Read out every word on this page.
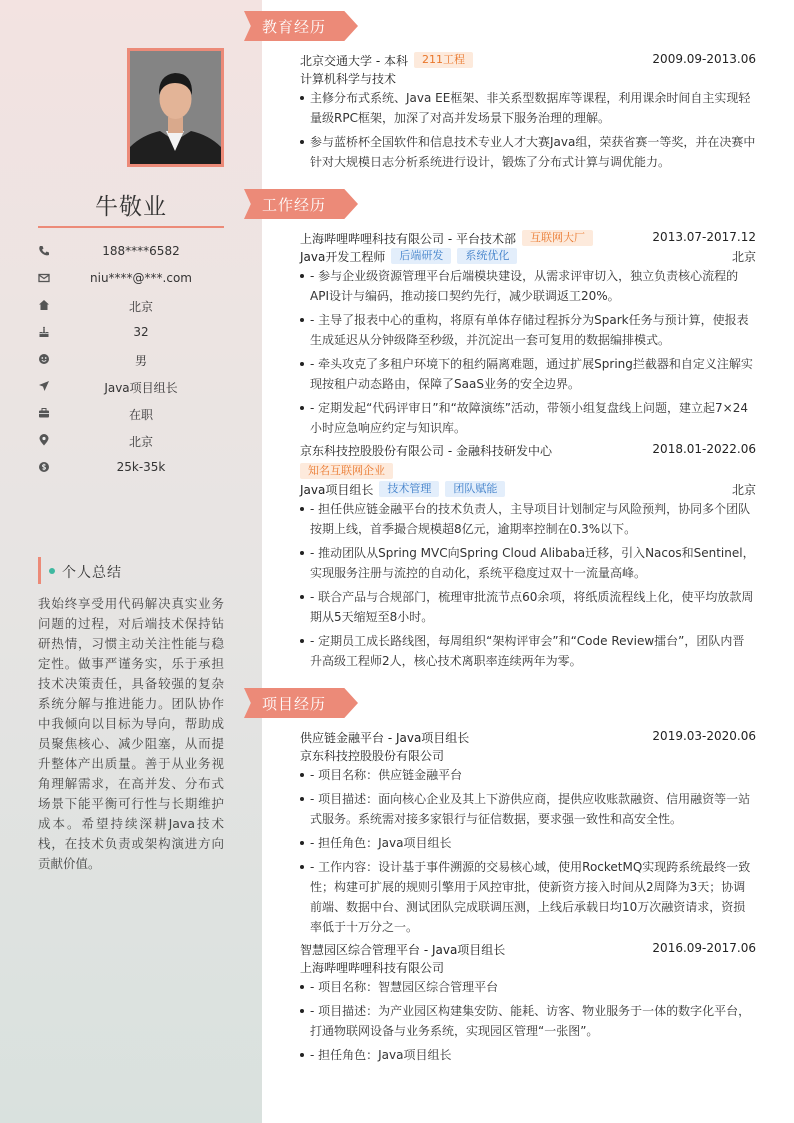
牛敬业
188****6582
niu****@***.com
北京
32
男
Java项目组长
在职
北京
25k-35k
个人总结
我始终享受用代码解决真实业务问题的过程，对后端技术保持钻研热情，习惯主动关注性能与稳定性。做事严谨务实，乐于承担技术决策责任，具备较强的复杂系统分解与推进能力。团队协作中我倾向以目标为导向，帮助成员聚焦核心、减少阻塞，从而提升整体产出质量。善于从业务视角理解需求，在高并发、分布式场景下能平衡可行性与长期维护成本。希望持续深耕Java技术栈，在技术负责或架构演进方向贡献价值。
教育经历
北京交通大学 - 本科 211工程	2009.09-2013.06
计算机科学与技术
主修分布式系统、Java EE框架、非关系型数据库等课程，利用课余时间自主实现轻量级RPC框架，加深了对高并发场景下服务治理的理解。
参与蓝桥杯全国软件和信息技术专业人才大赛Java组，荣获省赛一等奖，并在决赛中针对大规模日志分析系统进行设计，锻炼了分布式计算与调优能力。
工作经历
上海哔哩哔哩科技有限公司 - 平台技术部 互联网大厂	2013.07-2017.12
Java开发工程师 后端研发 系统优化	北京
- 参与企业级资源管理平台后端模块建设，从需求评审切入，独立负责核心流程的API设计与编码，推动接口契约先行，减少联调返工20%。
- 主导了报表中心的重构，将原有单体存储过程拆分为Spark任务与预计算，使报表生成延迟从分钟级降至秒级，并沉淀出一套可复用的数据编排模式。
- 牵头攻克了多租户环境下的租约隔离难题，通过扩展Spring拦截器和自定义注解实现按租户动态路由，保障了SaaS业务的安全边界。
- 定期发起“代码评审日”和“故障演练”活动，带领小组复盘线上问题，建立起7×24小时应急响应约定与知识库。
京东科技控股股份有限公司 - 金融科技研发中心	2018.01-2022.06
知名互联网企业
Java项目组长 技术管理 团队赋能	北京
- 担任供应链金融平台的技术负责人，主导项目计划制定与风险预判，协同多个团队按期上线，首季撮合规模超8亿元，逾期率控制在0.3%以下。
- 推动团队从Spring MVC向Spring Cloud Alibaba迁移，引入Nacos和Sentinel，实现服务注册与流控的自动化，系统平稳度过双十一流量高峰。
- 联合产品与合规部门，梳理审批流节点60余项，将纸质流程线上化，使平均放款周期从5天缩短至8小时。
- 定期员工成长路线图，每周组织“架构评审会”和“Code Review擂台”，团队内晋升高级工程师2人，核心技术离职率连续两年为零。
项目经历
供应链金融平台 - Java项目组长	2019.03-2020.06
京东科技控股股份有限公司
- 项目名称：供应链金融平台
- 项目描述：面向核心企业及其上下游供应商，提供应收账款融资、信用融资等一站式服务。系统需对接多家银行与征信数据，要求强一致性和高安全性。
- 担任角色：Java项目组长
- 工作内容：设计基于事件溯源的交易核心域，使用RocketMQ实现跨系统最终一致性；构建可扩展的规则引擎用于风控审批，使新资方接入时间从2周降为3天；协调前端、数据中台、测试团队完成联调压测，上线后承载日均10万次融资请求，资损率低于十万分之一。
智慧园区综合管理平台 - Java项目组长	2016.09-2017.06
上海哔哩哔哩科技有限公司
- 项目名称：智慧园区综合管理平台
- 项目描述：为产业园区构建集安防、能耗、访客、物业服务于一体的数字化平台，打通物联网设备与业务系统，实现园区管理“一张图”。
- 担任角色：Java项目组长
